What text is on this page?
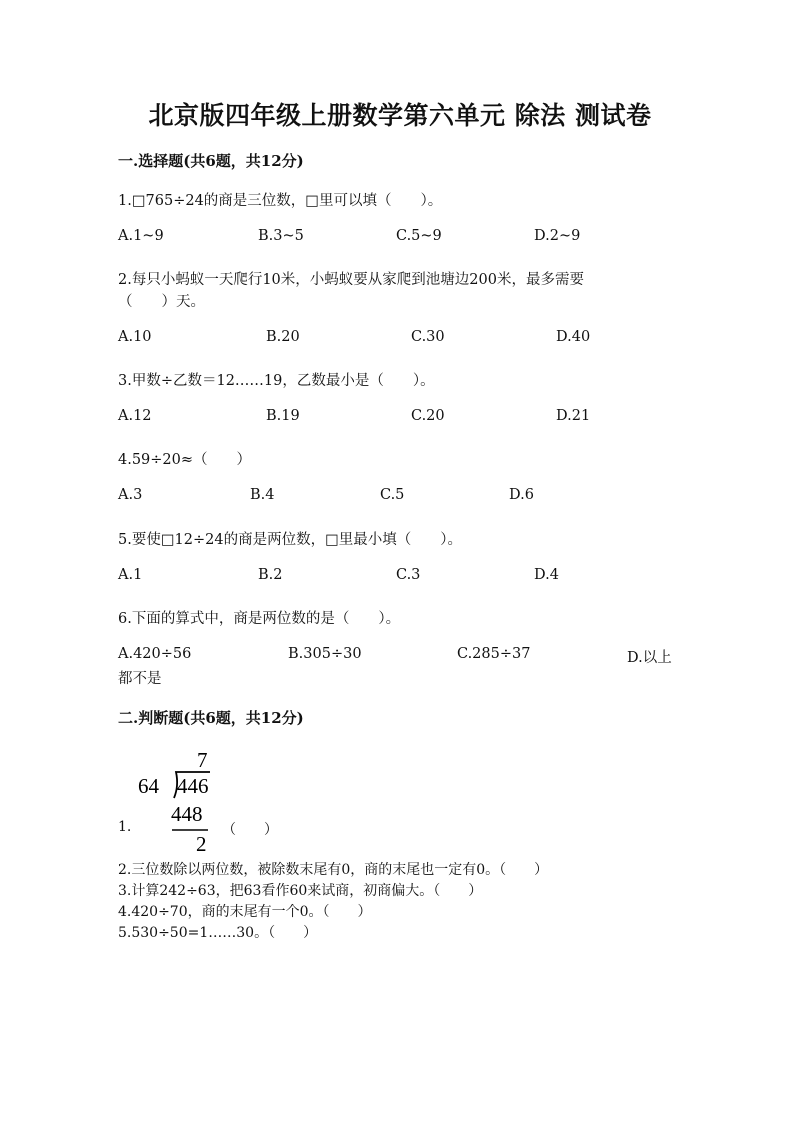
北京版四年级上册数学第六单元 除法 测试卷
一.选择题(共6题，共12分)
1.□765÷24的商是三位数，□里可以填（　　）。
A.1~9	B.3~5	C.5~9	D.2~9
2.每只小蚂蚁一天爬行10米，小蚂蚁要从家爬到池塘边200米，最多需要
（　　）天。
A.10	B.20	C.30	D.40
3.甲数÷乙数＝12……19，乙数最小是（　　）。
A.12	B.19	C.20	D.21
4.59÷20≈（　　）
A.3	B.4	C.5	D.6
5.要使□12÷24的商是两位数，□里最小填（　　）。
A.1	B.2	C.3	D.4
6.下面的算式中，商是两位数的是（　　）。
A.420÷56	B.305÷30	C.285÷37	D.以上
都不是
二.判断题(共6题，共12分)
7
64 446
448
2
1.	（　　）
2.三位数除以两位数，被除数末尾有0，商的末尾也一定有0。（　　）
3.计算242÷63，把63看作60来试商，初商偏大。（　　）
4.420÷70，商的末尾有一个0。（　　）
5.530÷50=1……30。（　　）
